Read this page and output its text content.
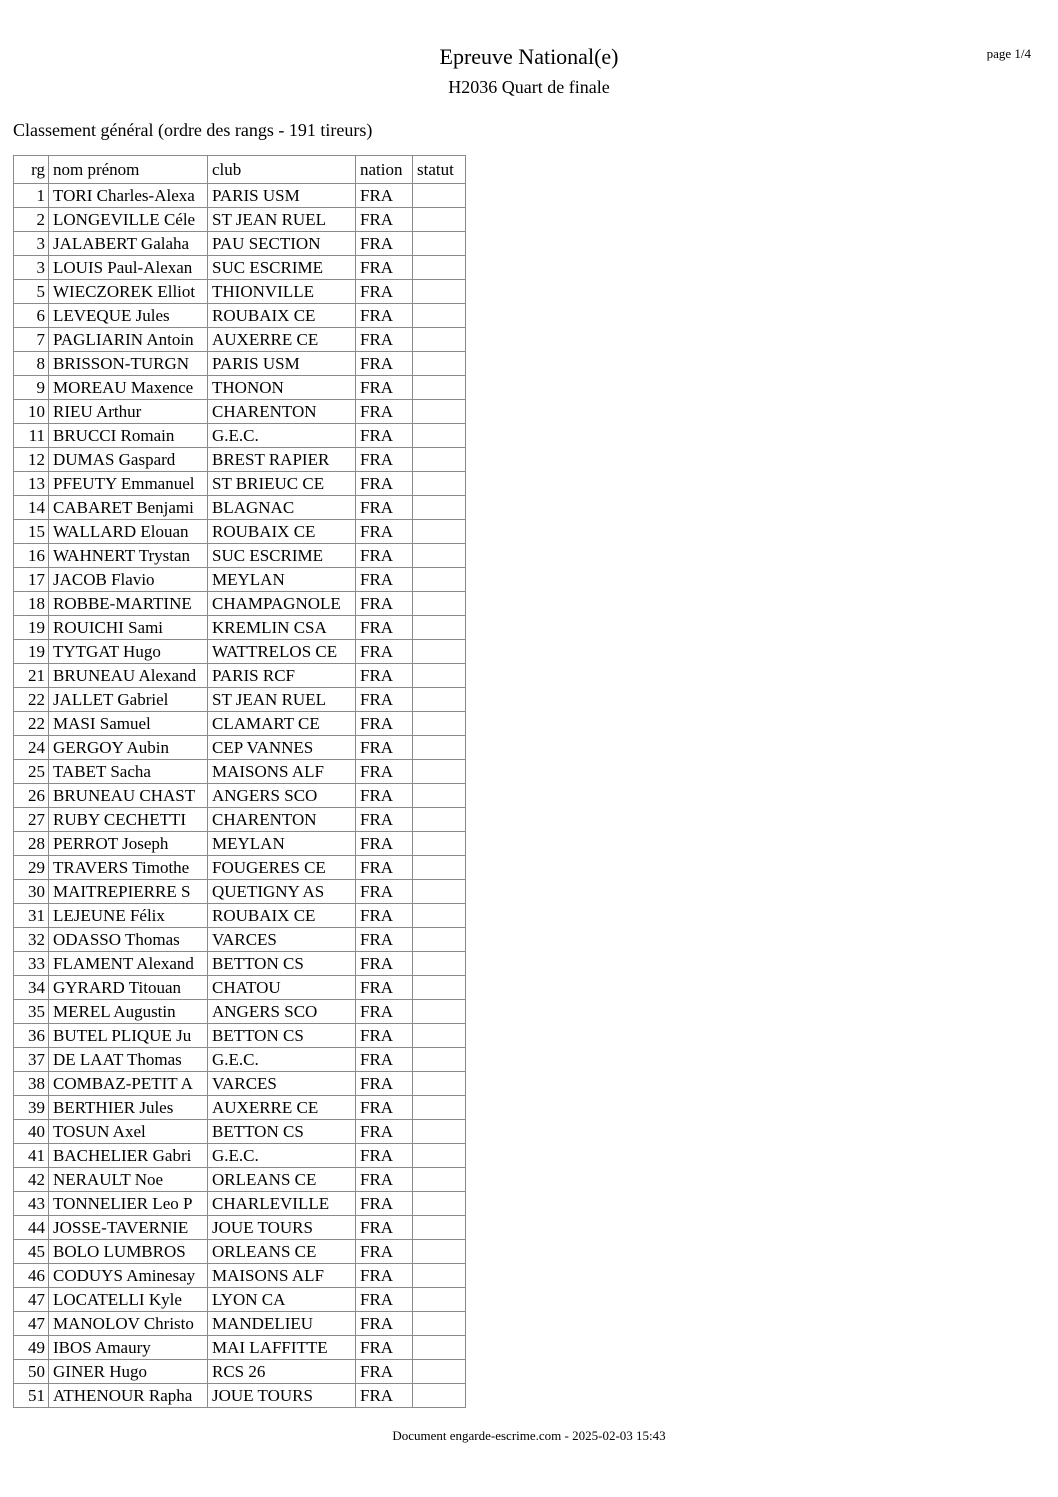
Epreuve National(e)
H2036 Quart de finale
page 1/4
Classement général (ordre des rangs - 191 tireurs)
rg	nom prénom	club	nation	statut
1	TORI Charles-Alexa	PARIS USM	FRA	
2	LONGEVILLE Céle	ST JEAN RUEL	FRA	
3	JALABERT Galaha	PAU SECTION	FRA	
3	LOUIS Paul-Alexan	SUC ESCRIME	FRA	
5	WIECZOREK Elliot	THIONVILLE	FRA	
6	LEVEQUE Jules	ROUBAIX CE	FRA	
7	PAGLIARIN Antoin	AUXERRE CE	FRA	
8	BRISSON-TURGN	PARIS USM	FRA	
9	MOREAU Maxence	THONON	FRA	
10	RIEU Arthur	CHARENTON	FRA	
11	BRUCCI Romain	G.E.C.	FRA	
12	DUMAS Gaspard	BREST RAPIER	FRA	
13	PFEUTY Emmanuel	ST BRIEUC CE	FRA	
14	CABARET Benjami	BLAGNAC	FRA	
15	WALLARD Elouan	ROUBAIX CE	FRA	
16	WAHNERT Trystan	SUC ESCRIME	FRA	
17	JACOB Flavio	MEYLAN	FRA	
18	ROBBE-MARTINE	CHAMPAGNOLE	FRA	
19	ROUICHI Sami	KREMLIN CSA	FRA	
19	TYTGAT Hugo	WATTRELOS CE	FRA	
21	BRUNEAU Alexand	PARIS RCF	FRA	
22	JALLET Gabriel	ST JEAN RUEL	FRA	
22	MASI Samuel	CLAMART CE	FRA	
24	GERGOY Aubin	CEP VANNES	FRA	
25	TABET Sacha	MAISONS ALF	FRA	
26	BRUNEAU CHAST	ANGERS SCO	FRA	
27	RUBY CECHETTI	CHARENTON	FRA	
28	PERROT Joseph	MEYLAN	FRA	
29	TRAVERS Timothe	FOUGERES CE	FRA	
30	MAITREPIERRE S	QUETIGNY AS	FRA	
31	LEJEUNE Félix	ROUBAIX CE	FRA	
32	ODASSO Thomas	VARCES	FRA	
33	FLAMENT Alexand	BETTON CS	FRA	
34	GYRARD Titouan	CHATOU	FRA	
35	MEREL Augustin	ANGERS SCO	FRA	
36	BUTEL PLIQUE Ju	BETTON CS	FRA	
37	DE LAAT Thomas	G.E.C.	FRA	
38	COMBAZ-PETIT A	VARCES	FRA	
39	BERTHIER Jules	AUXERRE CE	FRA	
40	TOSUN Axel	BETTON CS	FRA	
41	BACHELIER Gabri	G.E.C.	FRA	
42	NERAULT Noe	ORLEANS CE	FRA	
43	TONNELIER Leo P	CHARLEVILLE	FRA	
44	JOSSE-TAVERNIE	JOUE TOURS	FRA	
45	BOLO LUMBROS	ORLEANS CE	FRA	
46	CODUYS Aminesay	MAISONS ALF	FRA	
47	LOCATELLI Kyle	LYON CA	FRA	
47	MANOLOV Christo	MANDELIEU	FRA	
49	IBOS Amaury	MAI LAFFITTE	FRA	
50	GINER Hugo	RCS 26	FRA	
51	ATHENOUR Rapha	JOUE TOURS	FRA	
Document engarde-escrime.com - 2025-02-03 15:43
